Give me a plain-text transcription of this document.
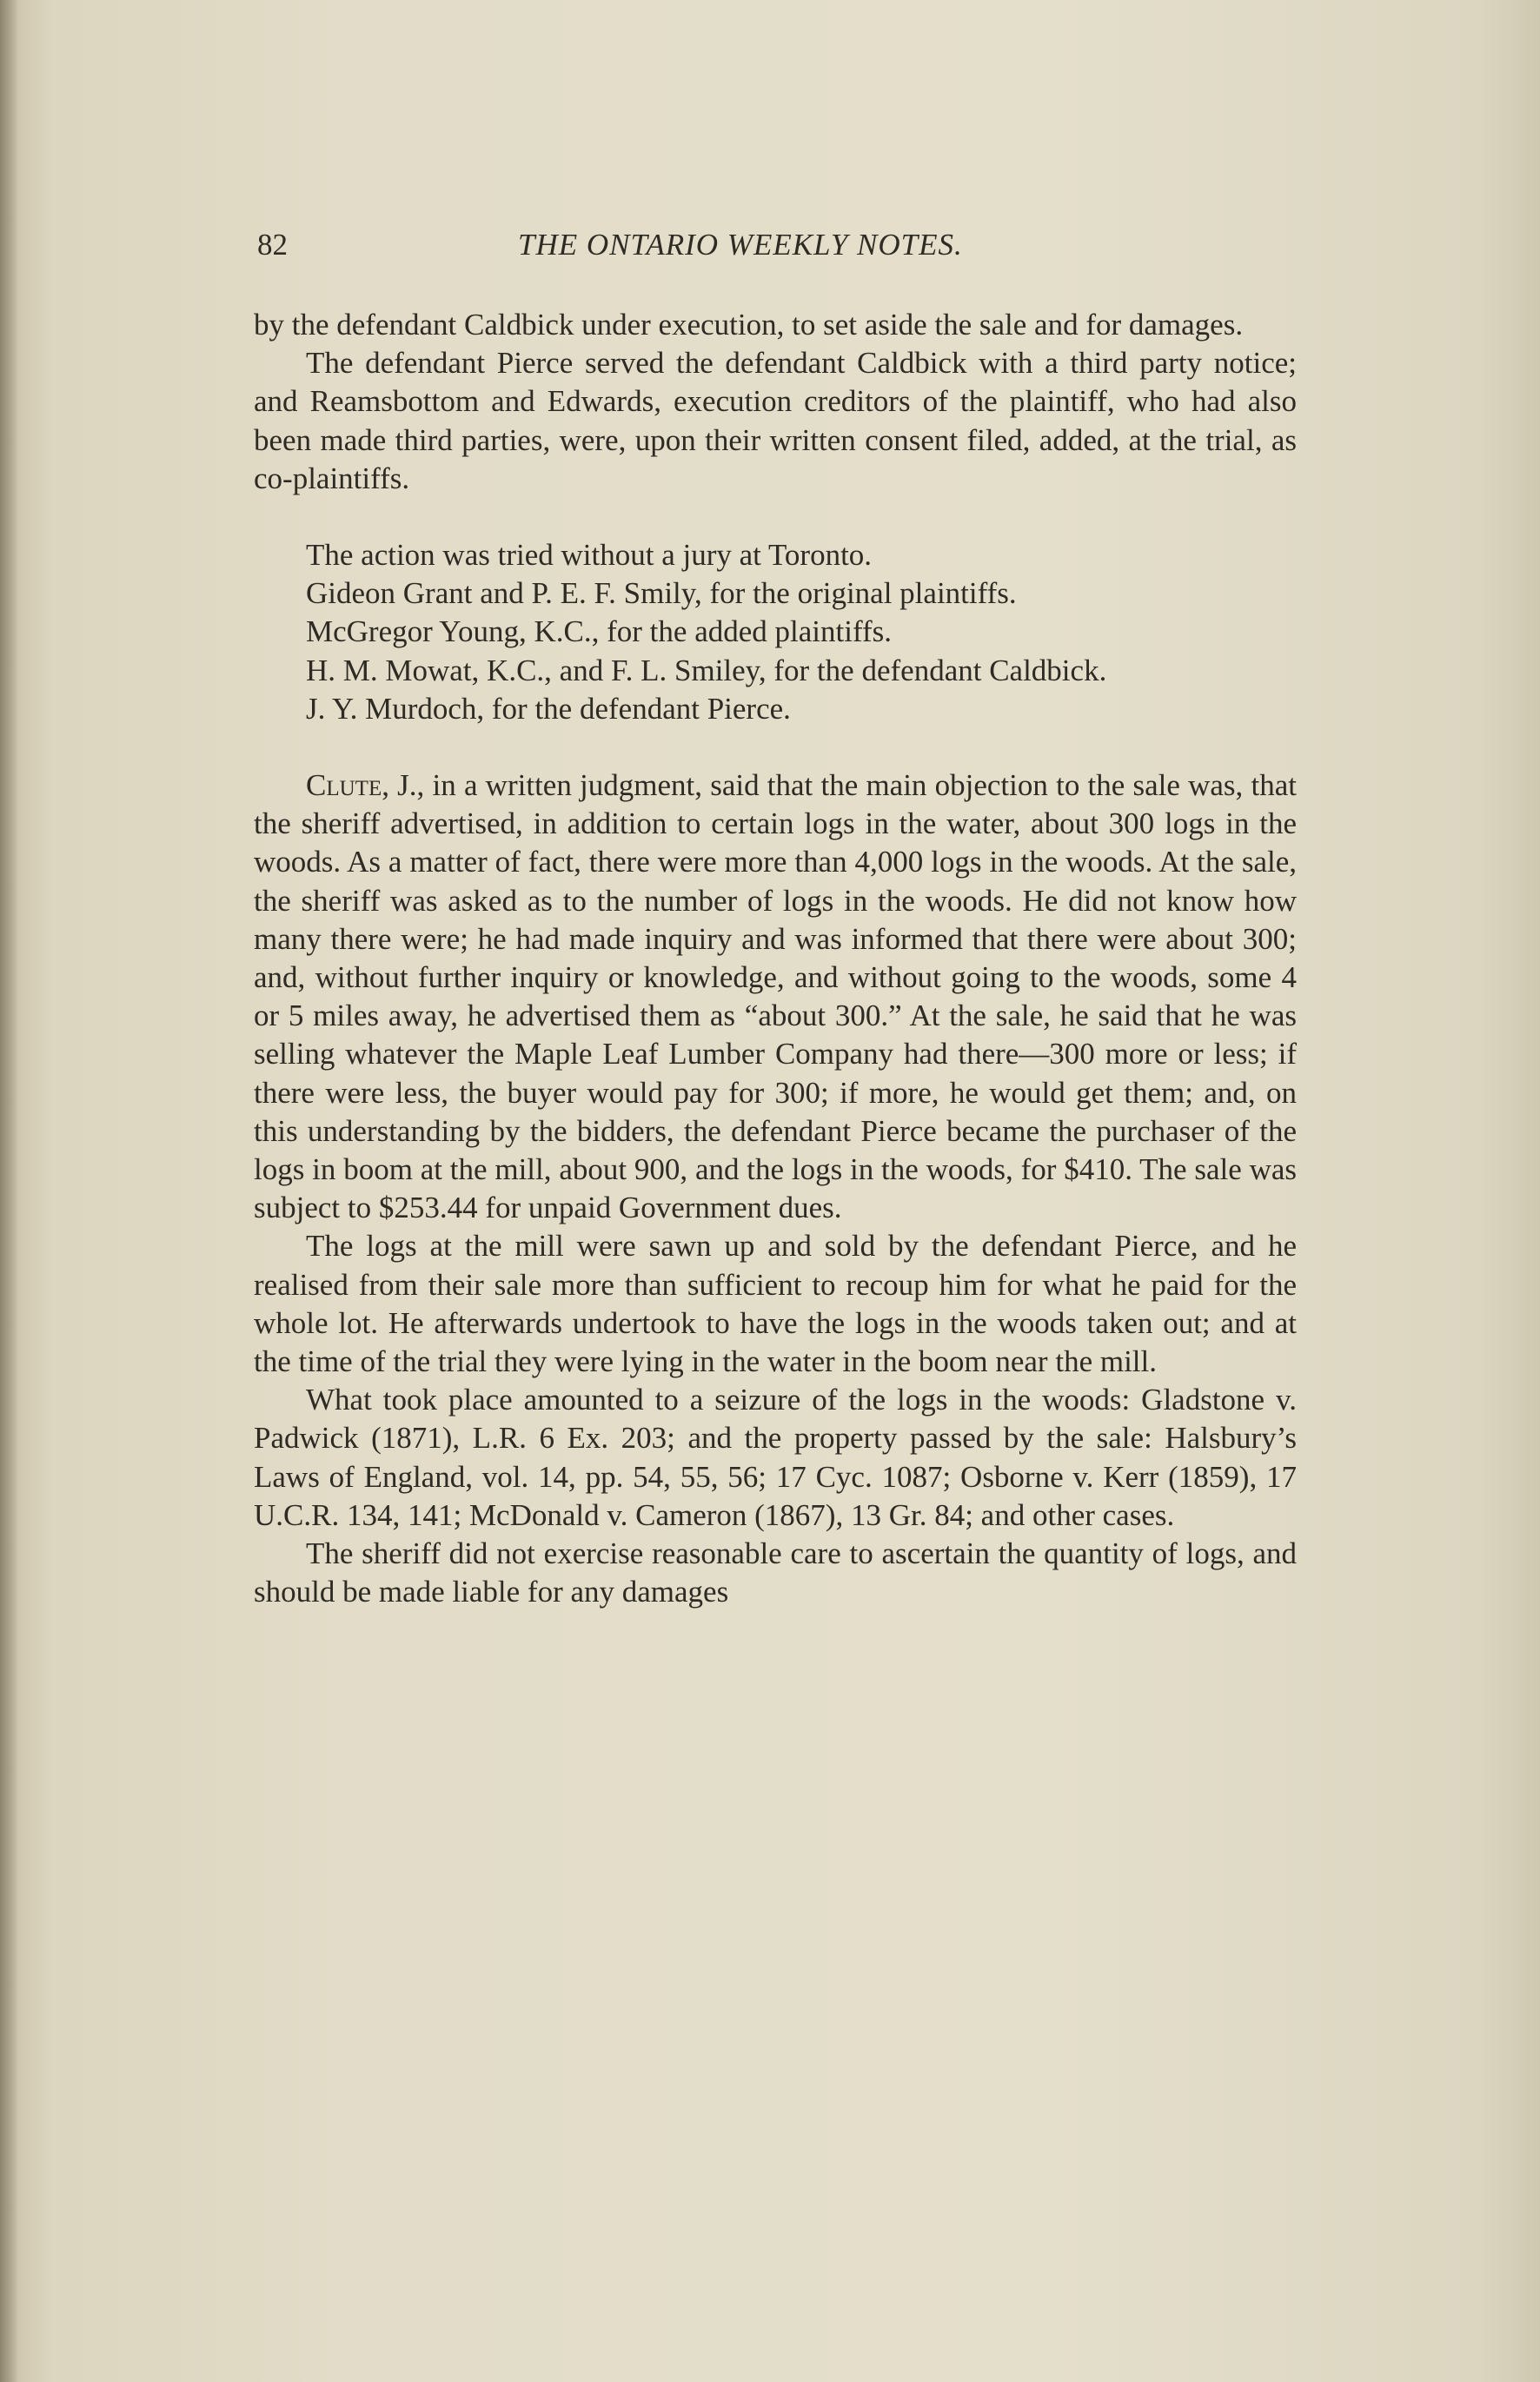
82	THE ONTARIO WEEKLY NOTES.

by the defendant Caldbick under execution, to set aside the sale and for damages.

The defendant Pierce served the defendant Caldbick with a third party notice; and Reamsbottom and Edwards, execution creditors of the plaintiff, who had also been made third parties, were, upon their written consent filed, added, at the trial, as co-plaintiffs.

The action was tried without a jury at Toronto.

Gideon Grant and P. E. F. Smily, for the original plaintiffs.

McGregor Young, K.C., for the added plaintiffs.

H. M. Mowat, K.C., and F. L. Smiley, for the defendant Caldbick.

J. Y. Murdoch, for the defendant Pierce.

Clute, J., in a written judgment, said that the main objection to the sale was, that the sheriff advertised, in addition to certain logs in the water, about 300 logs in the woods. As a matter of fact, there were more than 4,000 logs in the woods. At the sale, the sheriff was asked as to the number of logs in the woods. He did not know how many there were; he had made inquiry and was informed that there were about 300; and, without further inquiry or knowledge, and without going to the woods, some 4 or 5 miles away, he advertised them as “about 300.” At the sale, he said that he was selling whatever the Maple Leaf Lumber Company had there—300 more or less; if there were less, the buyer would pay for 300; if more, he would get them; and, on this understanding by the bidders, the defendant Pierce became the purchaser of the logs in boom at the mill, about 900, and the logs in the woods, for $410. The sale was subject to $253.44 for unpaid Government dues.

The logs at the mill were sawn up and sold by the defendant Pierce, and he realised from their sale more than sufficient to recoup him for what he paid for the whole lot. He afterwards undertook to have the logs in the woods taken out; and at the time of the trial they were lying in the water in the boom near the mill.

What took place amounted to a seizure of the logs in the woods: Gladstone v. Padwick (1871), L.R. 6 Ex. 203; and the property passed by the sale: Halsbury’s Laws of England, vol. 14, pp. 54, 55, 56; 17 Cyc. 1087; Osborne v. Kerr (1859), 17 U.C.R. 134, 141; McDonald v. Cameron (1867), 13 Gr. 84; and other cases.

The sheriff did not exercise reasonable care to ascertain the quantity of logs, and should be made liable for any damages
